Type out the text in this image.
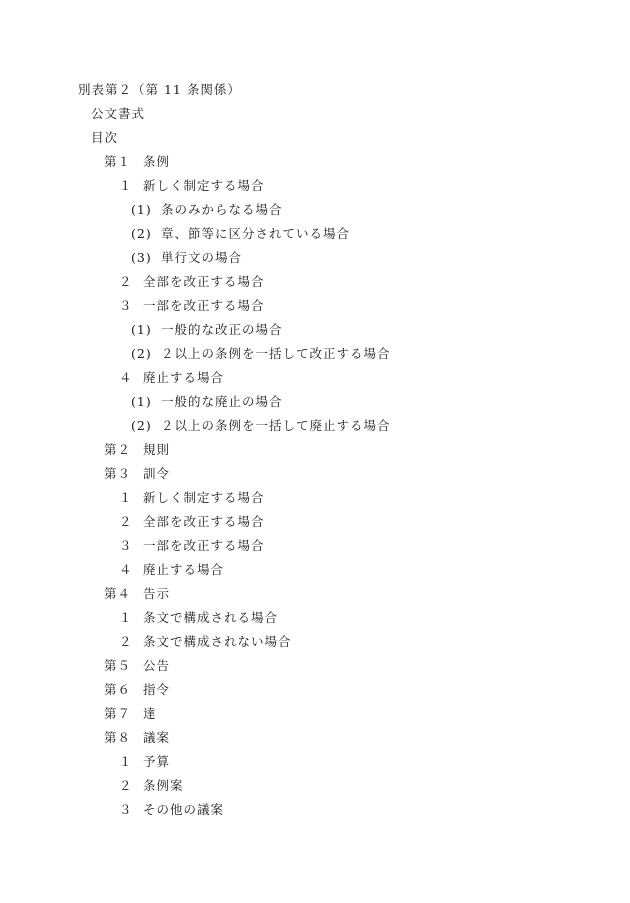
別表第２（第 11 条関係）
公文書式
目次
第１ 条例
１ 新しく制定する場合
(1) 条のみからなる場合
(2) 章、節等に区分されている場合
(3) 単行文の場合
２ 全部を改正する場合
３ 一部を改正する場合
(1) 一般的な改正の場合
(2) ２以上の条例を一括して改正する場合
４ 廃止する場合
(1) 一般的な廃止の場合
(2) ２以上の条例を一括して廃止する場合
第２ 規則
第３ 訓令
１ 新しく制定する場合
２ 全部を改正する場合
３ 一部を改正する場合
４ 廃止する場合
第４ 告示
１ 条文で構成される場合
２ 条文で構成されない場合
第５ 公告
第６ 指令
第７ 達
第８ 議案
１ 予算
２ 条例案
３ その他の議案
